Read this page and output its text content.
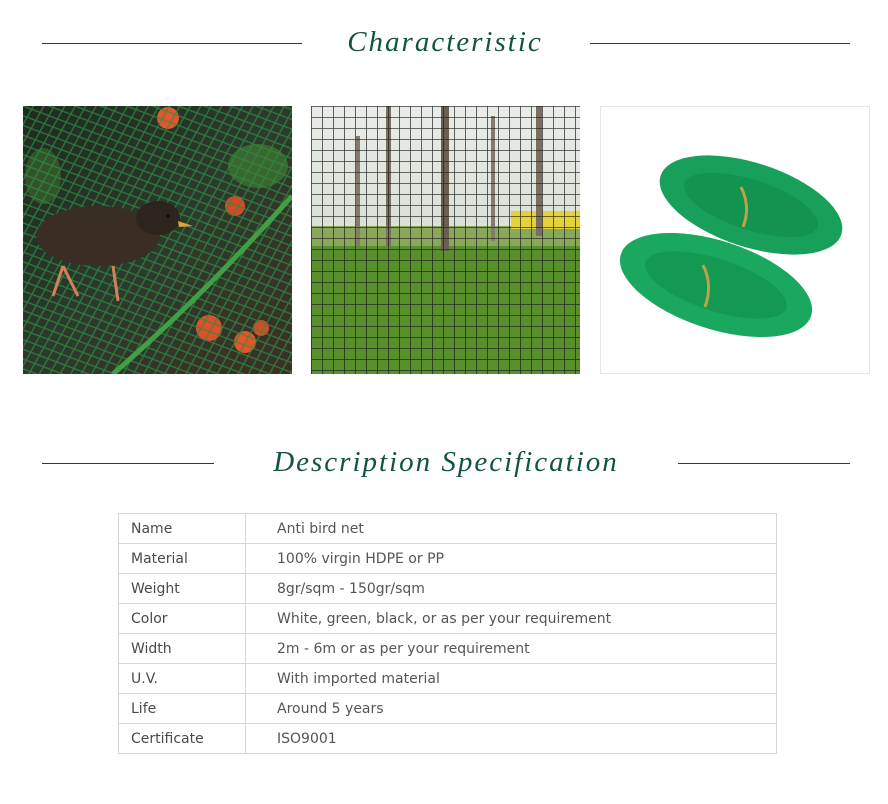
Characteristic
Description Specification
Name	Anti bird net
Material	100% virgin HDPE or PP
Weight	8gr/sqm - 150gr/sqm
Color	White, green, black, or as per your requirement
Width	2m - 6m or as per your requirement
U.V.	With imported material
Life	Around 5 years
Certificate	ISO9001
